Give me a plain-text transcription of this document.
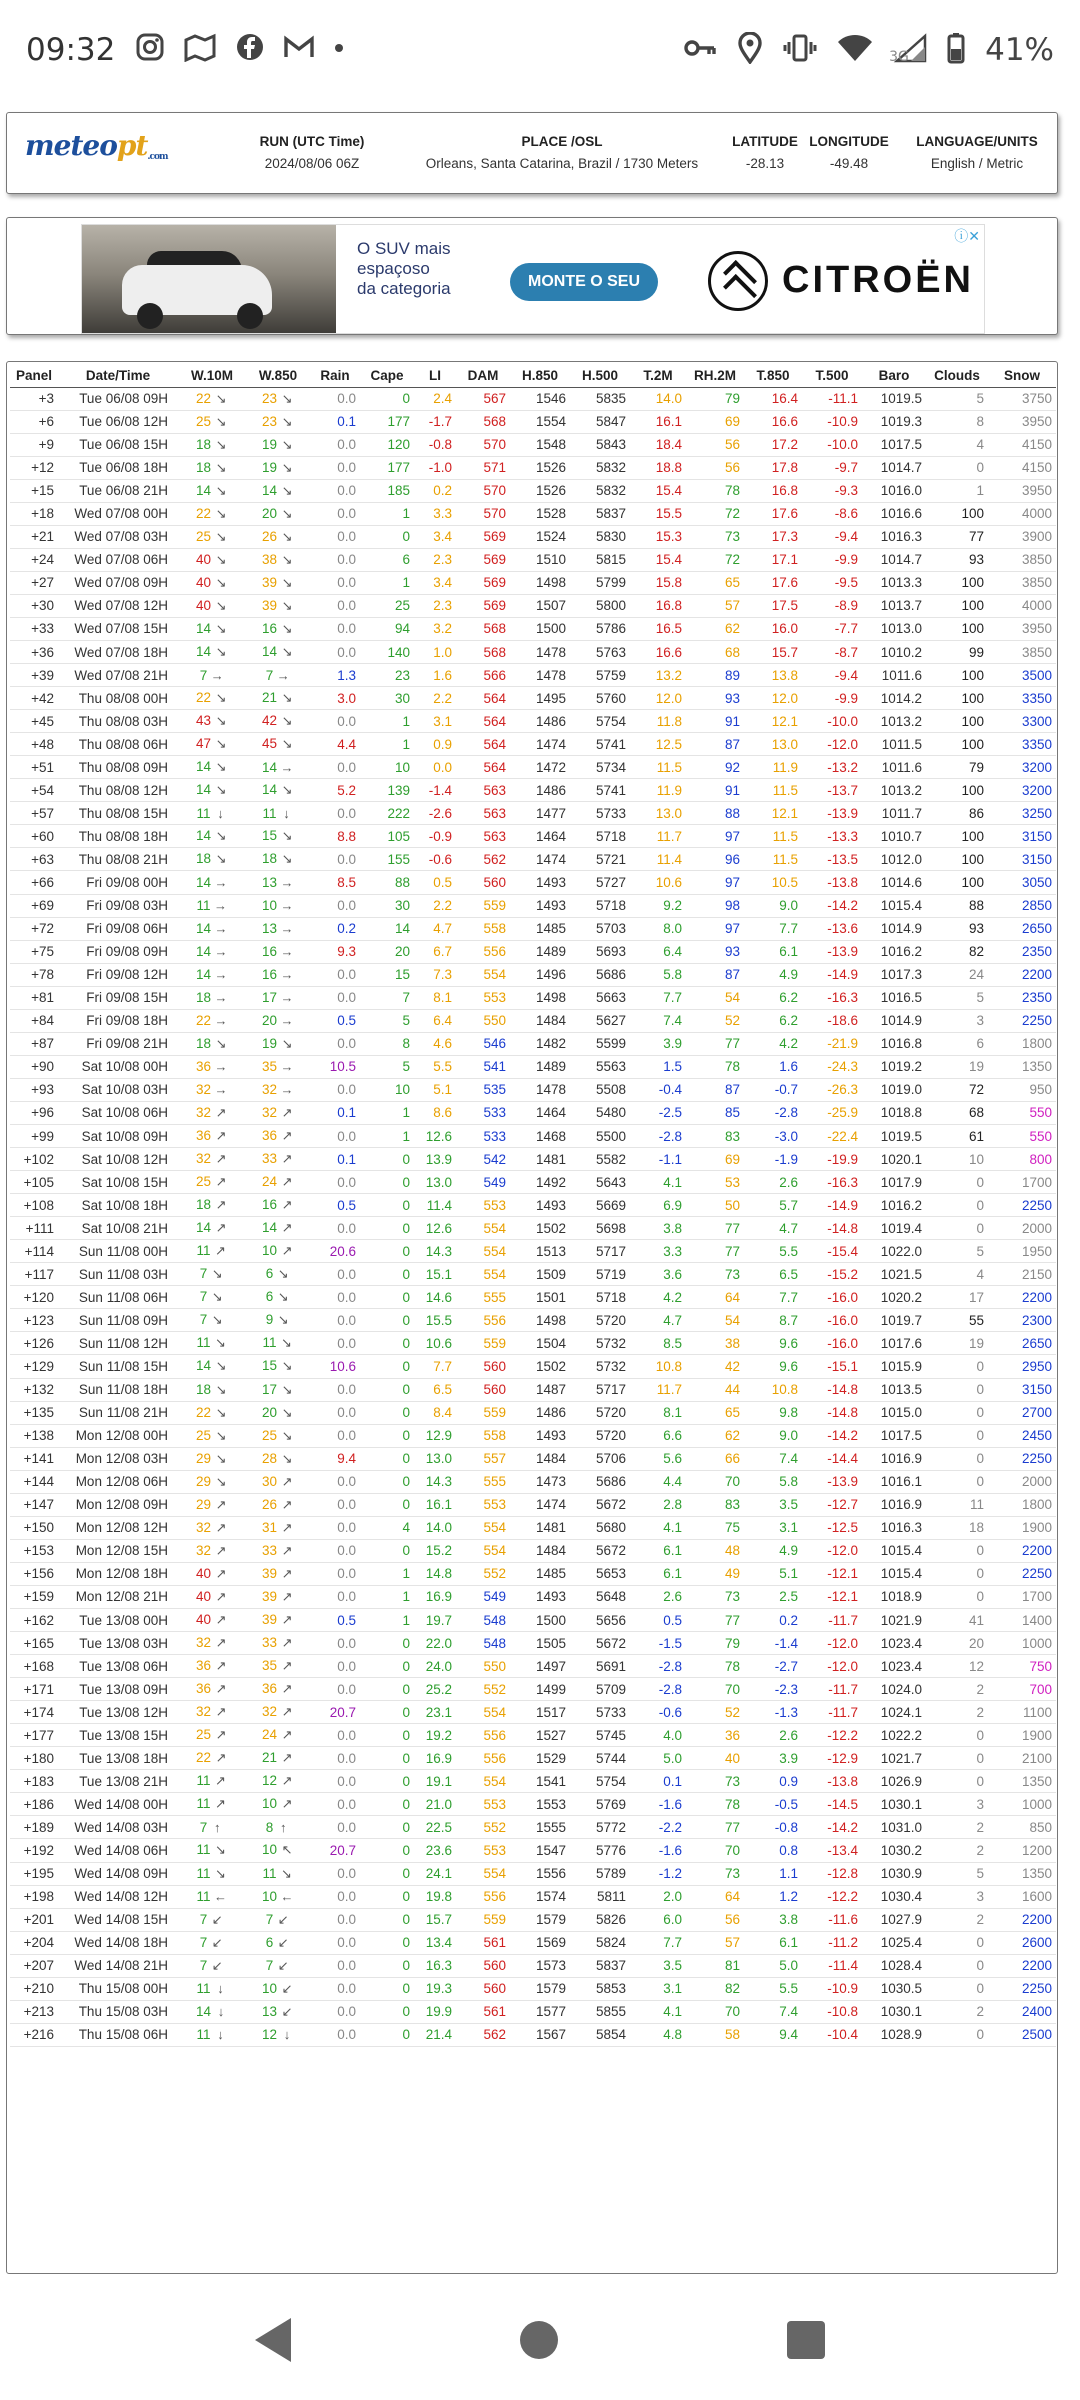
09:32	3G 41%
meteopt.com
RUN (UTC Time)
2024/08/06 06Z
PLACE /OSL
Orleans, Santa Catarina, Brazil / 1730 Meters
LATITUDE
-28.13
LONGITUDE
-49.48
LANGUAGE/UNITS
English / Metric
O SUV mais
espaçoso
da categoria	MONTE O SEU	CITROËN
ⓘ✕
Panel	Date/Time	W.10M	W.850	Rain	Cape	LI	DAM	H.850	H.500	T.2M	RH.2M	T.850	T.500	Baro	Clouds	Snow
+3	Tue 06/08 09H	22 ↘	23 ↘	0.0	0	2.4	567	1546	5835	14.0	79	16.4	-11.1	1019.5	5	3750
+6	Tue 06/08 12H	25 ↘	23 ↘	0.1	177	-1.7	568	1554	5847	16.1	69	16.6	-10.9	1019.3	8	3950
+9	Tue 06/08 15H	18 ↘	19 ↘	0.0	120	-0.8	570	1548	5843	18.4	56	17.2	-10.0	1017.5	4	4150
+12	Tue 06/08 18H	18 ↘	19 ↘	0.0	177	-1.0	571	1526	5832	18.8	56	17.8	-9.7	1014.7	0	4150
+15	Tue 06/08 21H	14 ↘	14 ↘	0.0	185	0.2	570	1526	5832	15.4	78	16.8	-9.3	1016.0	1	3950
+18	Wed 07/08 00H	22 ↘	20 ↘	0.0	1	3.3	570	1528	5837	15.5	72	17.6	-8.6	1016.6	100	4000
+21	Wed 07/08 03H	25 ↘	26 ↘	0.0	0	3.4	569	1524	5830	15.3	73	17.3	-9.4	1016.3	77	3900
+24	Wed 07/08 06H	40 ↘	38 ↘	0.0	6	2.3	569	1510	5815	15.4	72	17.1	-9.9	1014.7	93	3850
+27	Wed 07/08 09H	40 ↘	39 ↘	0.0	1	3.4	569	1498	5799	15.8	65	17.6	-9.5	1013.3	100	3850
+30	Wed 07/08 12H	40 ↘	39 ↘	0.0	25	2.3	569	1507	5800	16.8	57	17.5	-8.9	1013.7	100	4000
+33	Wed 07/08 15H	14 ↘	16 ↘	0.0	94	3.2	568	1500	5786	16.5	62	16.0	-7.7	1013.0	100	3950
+36	Wed 07/08 18H	14 ↘	14 ↘	0.0	140	1.0	568	1478	5763	16.6	68	15.7	-8.7	1010.2	99	3850
+39	Wed 07/08 21H	7 →	7 →	1.3	23	1.6	566	1478	5759	13.2	89	13.8	-9.4	1011.6	100	3500
+42	Thu 08/08 00H	22 ↘	21 ↘	3.0	30	2.2	564	1495	5760	12.0	93	12.0	-9.9	1014.2	100	3350
+45	Thu 08/08 03H	43 ↘	42 ↘	0.0	1	3.1	564	1486	5754	11.8	91	12.1	-10.0	1013.2	100	3300
+48	Thu 08/08 06H	47 ↘	45 ↘	4.4	1	0.9	564	1474	5741	12.5	87	13.0	-12.0	1011.5	100	3350
+51	Thu 08/08 09H	14 ↘	14 →	0.0	10	0.0	564	1472	5734	11.5	92	11.9	-13.2	1011.6	79	3200
+54	Thu 08/08 12H	14 ↘	14 ↘	5.2	139	-1.4	563	1486	5741	11.9	91	11.5	-13.7	1013.2	100	3200
+57	Thu 08/08 15H	11 ↓	11 ↓	0.0	222	-2.6	563	1477	5733	13.0	88	12.1	-13.9	1011.7	86	3250
+60	Thu 08/08 18H	14 ↘	15 ↘	8.8	105	-0.9	563	1464	5718	11.7	97	11.5	-13.3	1010.7	100	3150
+63	Thu 08/08 21H	18 ↘	18 ↘	0.0	155	-0.6	562	1474	5721	11.4	96	11.5	-13.5	1012.0	100	3150
+66	Fri 09/08 00H	14 →	13 →	8.5	88	0.5	560	1493	5727	10.6	97	10.5	-13.8	1014.6	100	3050
+69	Fri 09/08 03H	11 →	10 →	0.0	30	2.2	559	1493	5718	9.2	98	9.0	-14.2	1015.4	88	2850
+72	Fri 09/08 06H	14 →	13 →	0.2	14	4.7	558	1485	5703	8.0	97	7.7	-13.6	1014.9	93	2650
+75	Fri 09/08 09H	14 →	16 →	9.3	20	6.7	556	1489	5693	6.4	93	6.1	-13.9	1016.2	82	2350
+78	Fri 09/08 12H	14 →	16 →	0.0	15	7.3	554	1496	5686	5.8	87	4.9	-14.9	1017.3	24	2200
+81	Fri 09/08 15H	18 →	17 →	0.0	7	8.1	553	1498	5663	7.7	54	6.2	-16.3	1016.5	5	2350
+84	Fri 09/08 18H	22 →	20 →	0.5	5	6.4	550	1484	5627	7.4	52	6.2	-18.6	1014.9	3	2250
+87	Fri 09/08 21H	18 ↘	19 ↘	0.0	8	4.6	546	1482	5599	3.9	77	4.2	-21.9	1016.8	6	1800
+90	Sat 10/08 00H	36 →	35 →	10.5	5	5.5	541	1489	5563	1.5	78	1.6	-24.3	1019.2	19	1350
+93	Sat 10/08 03H	32 →	32 →	0.0	10	5.1	535	1478	5508	-0.4	87	-0.7	-26.3	1019.0	72	950
+96	Sat 10/08 06H	32 ↗	32 ↗	0.1	1	8.6	533	1464	5480	-2.5	85	-2.8	-25.9	1018.8	68	550
+99	Sat 10/08 09H	36 ↗	36 ↗	0.0	1	12.6	533	1468	5500	-2.8	83	-3.0	-22.4	1019.5	61	550
+102	Sat 10/08 12H	32 ↗	33 ↗	0.1	0	13.9	542	1481	5582	-1.1	69	-1.9	-19.9	1020.1	10	800
+105	Sat 10/08 15H	25 ↗	24 ↗	0.0	0	13.0	549	1492	5643	4.1	53	2.6	-16.3	1017.9	0	1700
+108	Sat 10/08 18H	18 ↗	16 ↗	0.5	0	11.4	553	1493	5669	6.9	50	5.7	-14.9	1016.2	0	2250
+111	Sat 10/08 21H	14 ↗	14 ↗	0.0	0	12.6	554	1502	5698	3.8	77	4.7	-14.8	1019.4	0	2000
+114	Sun 11/08 00H	11 ↗	10 ↗	20.6	0	14.3	554	1513	5717	3.3	77	5.5	-15.4	1022.0	5	1950
+117	Sun 11/08 03H	7 ↘	6 ↘	0.0	0	15.1	554	1509	5719	3.6	73	6.5	-15.2	1021.5	4	2150
+120	Sun 11/08 06H	7 ↘	6 ↘	0.0	0	14.6	555	1501	5718	4.2	64	7.7	-16.0	1020.2	17	2200
+123	Sun 11/08 09H	7 ↘	9 ↘	0.0	0	15.5	556	1498	5720	4.7	54	8.7	-16.0	1019.7	55	2300
+126	Sun 11/08 12H	11 ↘	11 ↘	0.0	0	10.6	559	1504	5732	8.5	38	9.6	-16.0	1017.6	19	2650
+129	Sun 11/08 15H	14 ↘	15 ↘	10.6	0	7.7	560	1502	5732	10.8	42	9.6	-15.1	1015.9	0	2950
+132	Sun 11/08 18H	18 ↘	17 ↘	0.0	0	6.5	560	1487	5717	11.7	44	10.8	-14.8	1013.5	0	3150
+135	Sun 11/08 21H	22 ↘	20 ↘	0.0	0	8.4	559	1486	5720	8.1	65	9.8	-14.8	1015.0	0	2700
+138	Mon 12/08 00H	25 ↘	25 ↘	0.0	0	12.9	558	1493	5720	6.6	62	9.0	-14.2	1017.5	0	2450
+141	Mon 12/08 03H	29 ↘	28 ↘	9.4	0	13.0	557	1484	5706	5.6	66	7.4	-14.4	1016.9	0	2250
+144	Mon 12/08 06H	29 ↘	30 ↗	0.0	0	14.3	555	1473	5686	4.4	70	5.8	-13.9	1016.1	0	2000
+147	Mon 12/08 09H	29 ↗	26 ↗	0.0	0	16.1	553	1474	5672	2.8	83	3.5	-12.7	1016.9	11	1800
+150	Mon 12/08 12H	32 ↗	31 ↗	0.0	4	14.0	554	1481	5680	4.1	75	3.1	-12.5	1016.3	18	1900
+153	Mon 12/08 15H	32 ↗	33 ↗	0.0	0	15.2	554	1484	5672	6.1	48	4.9	-12.0	1015.4	0	2200
+156	Mon 12/08 18H	40 ↗	39 ↗	0.0	1	14.8	552	1485	5653	6.1	49	5.1	-12.1	1015.4	0	2250
+159	Mon 12/08 21H	40 ↗	39 ↗	0.0	1	16.9	549	1493	5648	2.6	73	2.5	-12.1	1018.9	0	1700
+162	Tue 13/08 00H	40 ↗	39 ↗	0.5	1	19.7	548	1500	5656	0.5	77	0.2	-11.7	1021.9	41	1400
+165	Tue 13/08 03H	32 ↗	33 ↗	0.0	0	22.0	548	1505	5672	-1.5	79	-1.4	-12.0	1023.4	20	1000
+168	Tue 13/08 06H	36 ↗	35 ↗	0.0	0	24.0	550	1497	5691	-2.8	78	-2.7	-12.0	1023.4	12	750
+171	Tue 13/08 09H	36 ↗	36 ↗	0.0	0	25.2	552	1499	5709	-2.8	70	-2.3	-11.7	1024.0	2	700
+174	Tue 13/08 12H	32 ↗	32 ↗	20.7	0	23.1	554	1517	5733	-0.6	52	-1.3	-11.7	1024.1	2	1100
+177	Tue 13/08 15H	25 ↗	24 ↗	0.0	0	19.2	556	1527	5745	4.0	36	2.6	-12.2	1022.2	0	1900
+180	Tue 13/08 18H	22 ↗	21 ↗	0.0	0	16.9	556	1529	5744	5.0	40	3.9	-12.9	1021.7	0	2100
+183	Tue 13/08 21H	11 ↗	12 ↗	0.0	0	19.1	554	1541	5754	0.1	73	0.9	-13.8	1026.9	0	1350
+186	Wed 14/08 00H	11 ↗	10 ↗	0.0	0	21.0	553	1553	5769	-1.6	78	-0.5	-14.5	1030.1	3	1000
+189	Wed 14/08 03H	7 ↑	8 ↑	0.0	0	22.5	552	1555	5772	-2.2	77	-0.8	-14.2	1031.0	2	850
+192	Wed 14/08 06H	11 ↘	10 ↖	20.7	0	23.6	553	1547	5776	-1.6	70	0.8	-13.4	1030.2	2	1200
+195	Wed 14/08 09H	11 ↘	11 ↘	0.0	0	24.1	554	1556	5789	-1.2	73	1.1	-12.8	1030.9	5	1350
+198	Wed 14/08 12H	11 ←	10 ←	0.0	0	19.8	556	1574	5811	2.0	64	1.2	-12.2	1030.4	3	1600
+201	Wed 14/08 15H	7 ↙	7 ↙	0.0	0	15.7	559	1579	5826	6.0	56	3.8	-11.6	1027.9	2	2200
+204	Wed 14/08 18H	7 ↙	6 ↙	0.0	0	13.4	561	1569	5824	7.7	57	6.1	-11.2	1025.4	0	2600
+207	Wed 14/08 21H	7 ↙	7 ↙	0.0	0	16.3	560	1573	5837	3.5	81	5.0	-11.4	1028.4	0	2200
+210	Thu 15/08 00H	11 ↓	10 ↙	0.0	0	19.3	560	1579	5853	3.1	82	5.5	-10.9	1030.5	0	2250
+213	Thu 15/08 03H	14 ↓	13 ↙	0.0	0	19.9	561	1577	5855	4.1	70	7.4	-10.8	1030.1	2	2400
+216	Thu 15/08 06H	11 ↓	12 ↓	0.0	0	21.4	562	1567	5854	4.8	58	9.4	-10.4	1028.9	0	2500
